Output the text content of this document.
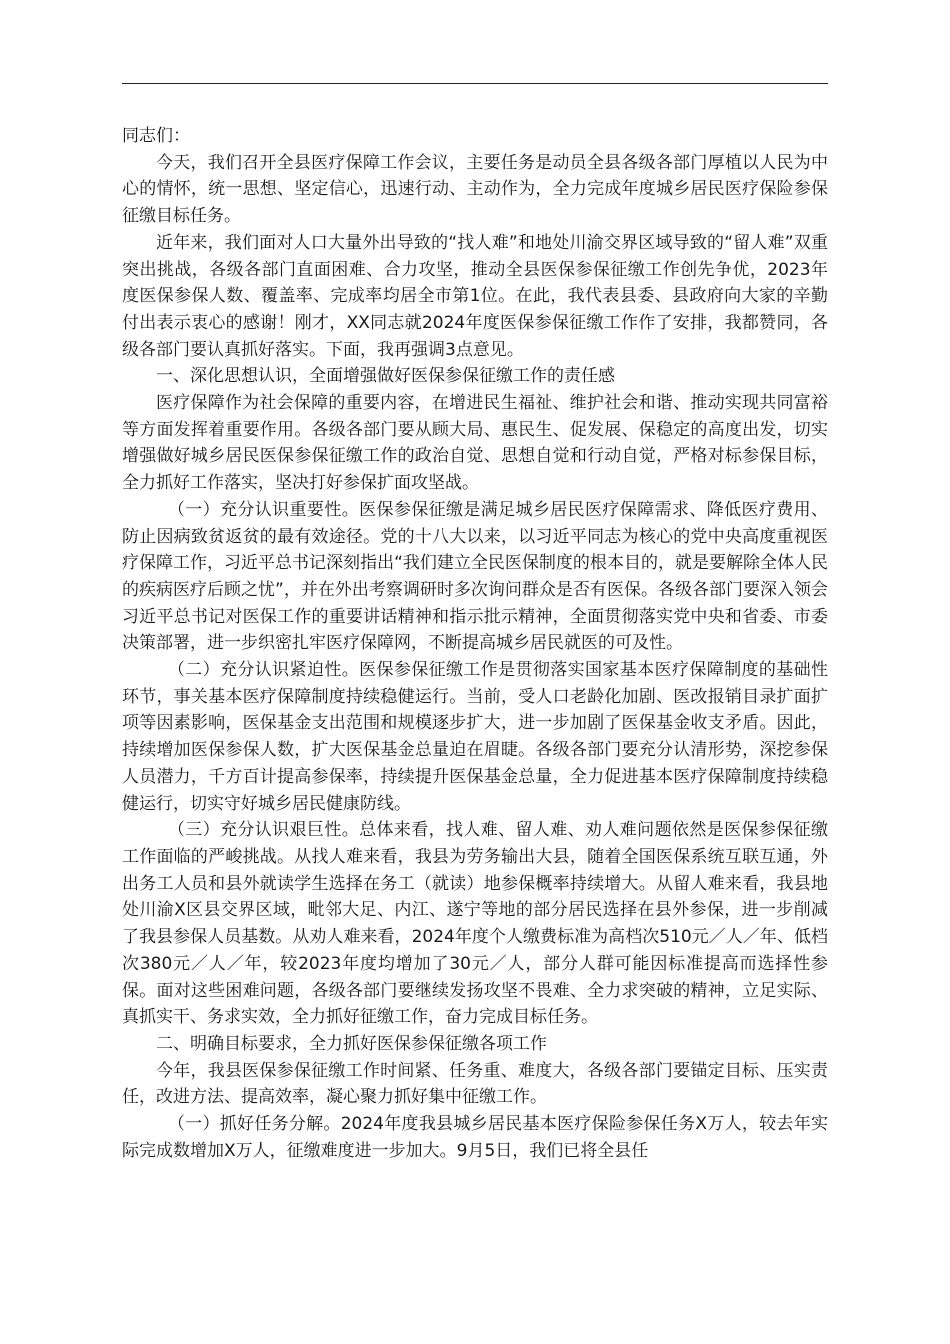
同志们：

今天，我们召开全县医疗保障工作会议，主要任务是动员全县各级各部门厚植以人民为中心的情怀，统一思想、坚定信心，迅速行动、主动作为，全力完成年度城乡居民医疗保险参保征缴目标任务。

近年来，我们面对人口大量外出导致的“找人难”和地处川渝交界区域导致的“留人难”双重突出挑战，各级各部门直面困难、合力攻坚，推动全县医保参保征缴工作创先争优，2023年度医保参保人数、覆盖率、完成率均居全市第1位。在此，我代表县委、县政府向大家的辛勤付出表示衷心的感谢！刚才，XX同志就2024年度医保参保征缴工作作了安排，我都赞同，各级各部门要认真抓好落实。下面，我再强调3点意见。

一、深化思想认识，全面增强做好医保参保征缴工作的责任感

医疗保障作为社会保障的重要内容，在增进民生福祉、维护社会和谐、推动实现共同富裕等方面发挥着重要作用。各级各部门要从顾大局、惠民生、促发展、保稳定的高度出发，切实增强做好城乡居民医保参保征缴工作的政治自觉、思想自觉和行动自觉，严格对标参保目标，全力抓好工作落实，坚决打好参保扩面攻坚战。

（一）充分认识重要性。医保参保征缴是满足城乡居民医疗保障需求、降低医疗费用、防止因病致贫返贫的最有效途径。党的十八大以来，以习近平同志为核心的党中央高度重视医疗保障工作，习近平总书记深刻指出“我们建立全民医保制度的根本目的，就是要解除全体人民的疾病医疗后顾之忧”，并在外出考察调研时多次询问群众是否有医保。各级各部门要深入领会习近平总书记对医保工作的重要讲话精神和指示批示精神，全面贯彻落实党中央和省委、市委决策部署，进一步织密扎牢医疗保障网，不断提高城乡居民就医的可及性。

（二）充分认识紧迫性。医保参保征缴工作是贯彻落实国家基本医疗保障制度的基础性环节，事关基本医疗保障制度持续稳健运行。当前，受人口老龄化加剧、医改报销目录扩面扩项等因素影响，医保基金支出范围和规模逐步扩大，进一步加剧了医保基金收支矛盾。因此，持续增加医保参保人数，扩大医保基金总量迫在眉睫。各级各部门要充分认清形势，深挖参保人员潜力，千方百计提高参保率，持续提升医保基金总量，全力促进基本医疗保障制度持续稳健运行，切实守好城乡居民健康防线。

（三）充分认识艰巨性。总体来看，找人难、留人难、劝人难问题依然是医保参保征缴工作面临的严峻挑战。从找人难来看，我县为劳务输出大县，随着全国医保系统互联互通，外出务工人员和县外就读学生选择在务工（就读）地参保概率持续增大。从留人难来看，我县地处川渝X区县交界区域，毗邻大足、内江、遂宁等地的部分居民选择在县外参保，进一步削减了我县参保人员基数。从劝人难来看，2024年度个人缴费标准为高档次510元／人／年、低档次380元／人／年，较2023年度均增加了30元／人，部分人群可能因标准提高而选择性参保。面对这些困难问题，各级各部门要继续发扬攻坚不畏难、全力求突破的精神，立足实际、真抓实干、务求实效，全力抓好征缴工作，奋力完成目标任务。

二、明确目标要求，全力抓好医保参保征缴各项工作

今年，我县医保参保征缴工作时间紧、任务重、难度大，各级各部门要锚定目标、压实责任，改进方法、提高效率，凝心聚力抓好集中征缴工作。

（一）抓好任务分解。2024年度我县城乡居民基本医疗保险参保任务X万人，较去年实际完成数增加X万人，征缴难度进一步加大。9月5日，我们已将全县任
